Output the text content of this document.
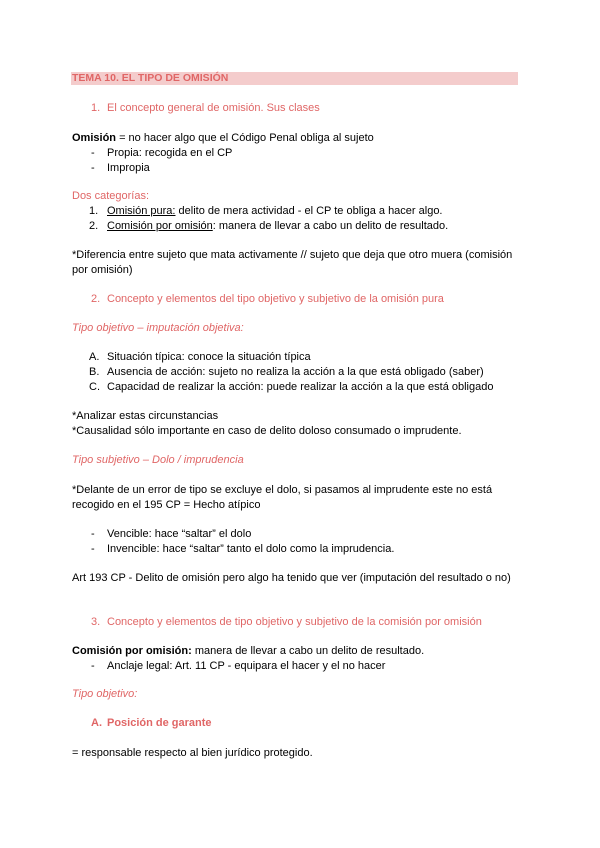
TEMA 10. EL TIPO DE OMISIÓN
1. El concepto general de omisión. Sus clases
Omisión = no hacer algo que el Código Penal obliga al sujeto
- Propia: recogida en el CP
- Impropia
Dos categorías:
1. Omisión pura: delito de mera actividad - el CP te obliga a hacer algo.
2. Comisión por omisión: manera de llevar a cabo un delito de resultado.
*Diferencia entre sujeto que mata activamente // sujeto que deja que otro muera (comisión
por omisión)
2. Concepto y elementos del tipo objetivo y subjetivo de la omisión pura
Tipo objetivo – imputación objetiva:
A. Situación típica: conoce la situación típica
B. Ausencia de acción: sujeto no realiza la acción a la que está obligado (saber)
C. Capacidad de realizar la acción: puede realizar la acción a la que está obligado
*Analizar estas circunstancias
*Causalidad sólo importante en caso de delito doloso consumado o imprudente.
Tipo subjetivo – Dolo / imprudencia
*Delante de un error de tipo se excluye el dolo, si pasamos al imprudente este no está
recogido en el 195 CP = Hecho atípico
- Vencible: hace “saltar” el dolo
- Invencible: hace “saltar” tanto el dolo como la imprudencia.
Art 193 CP - Delito de omisión pero algo ha tenido que ver (imputación del resultado o no)
3. Concepto y elementos de tipo objetivo y subjetivo de la comisión por omisión
Comisión por omisión: manera de llevar a cabo un delito de resultado.
- Anclaje legal: Art. 11 CP - equipara el hacer y el no hacer
Tipo objetivo:
A. Posición de garante
= responsable respecto al bien jurídico protegido.
